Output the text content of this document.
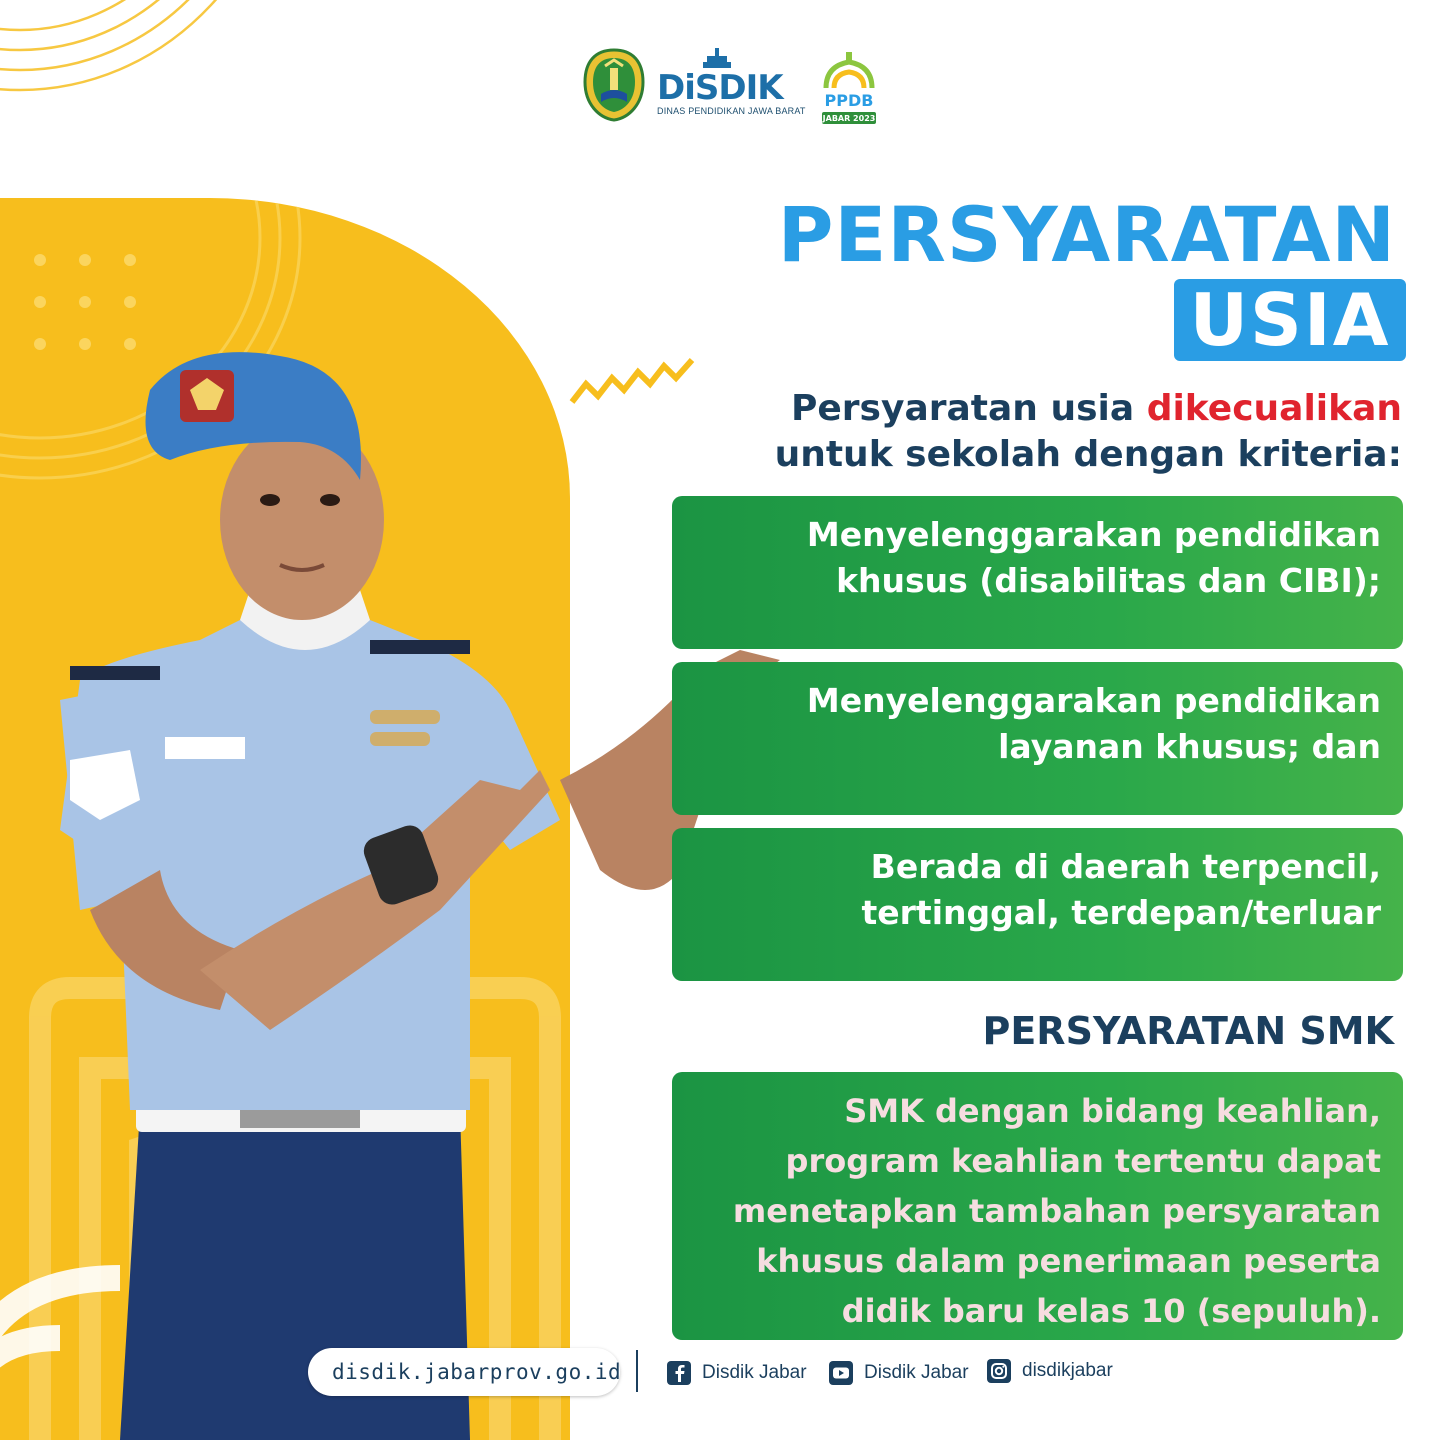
DiSDIK
DINAS PENDIDIKAN JAWA BARAT
PPDB
JABAR 2023
PERSYARATAN
USIA
Persyaratan usia dikecualikan
untuk sekolah dengan kriteria:
Menyelenggarakan pendidikan
khusus (disabilitas dan CIBI);
Menyelenggarakan pendidikan
layanan khusus; dan
Berada di daerah terpencil,
tertinggal, terdepan/terluar
PERSYARATAN SMK
SMK dengan bidang keahlian,
program keahlian tertentu dapat
menetapkan tambahan persyaratan
khusus dalam penerimaan peserta
didik baru kelas 10 (sepuluh).
disdik.jabarprov.go.id	Disdik Jabar	Disdik Jabar	disdikjabar
